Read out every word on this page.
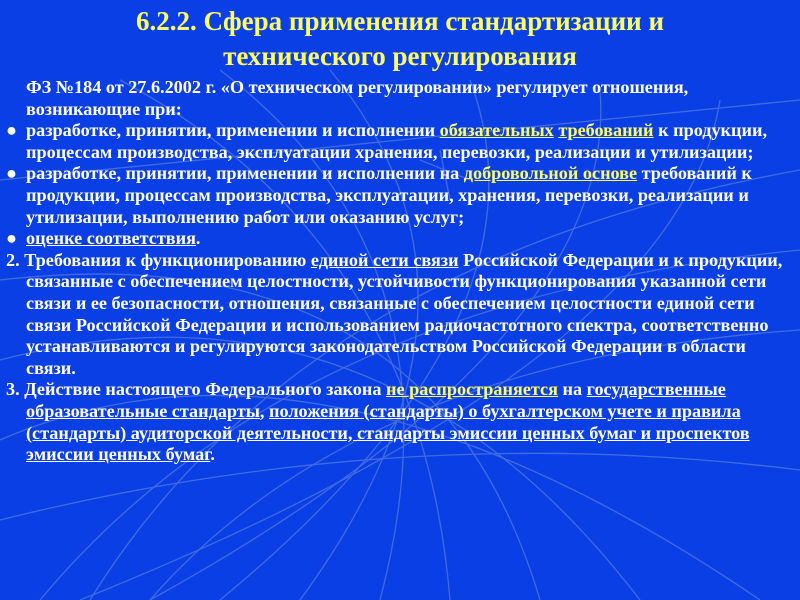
6.2.2. Сфера применения стандартизации и
технического регулирования

ФЗ №184 от 27.6.2002 г. «О техническом регулировании» регулирует отношения, возникающие при:

● разработке, принятии, применении и исполнении обязательных требований к продукции, процессам производства, эксплуатации хранения, перевозки, реализации и утилизации;

● разработке, принятии, применении и исполнении на добровольной основе требований к продукции, процессам производства, эксплуатации, хранения, перевозки, реализации и утилизации, выполнению работ или оказанию услуг;

● оценке соответствия.

2. Требования к функционированию единой сети связи Российской Федерации и к продукции, связанные с обеспечением целостности, устойчивости функционирования указанной сети связи и ее безопасности, отношения, связанные с обеспечением целостности единой сети связи Российской Федерации и использованием радиочастотного спектра, соответственно устанавливаются и регулируются законодательством Российской Федерации в области связи.

3. Действие настоящего Федерального закона не распространяется на государственные образовательные стандарты, положения (стандарты) о бухгалтерском учете и правила (стандарты) аудиторской деятельности, стандарты эмиссии ценных бумаг и проспектов эмиссии ценных бумаг.
